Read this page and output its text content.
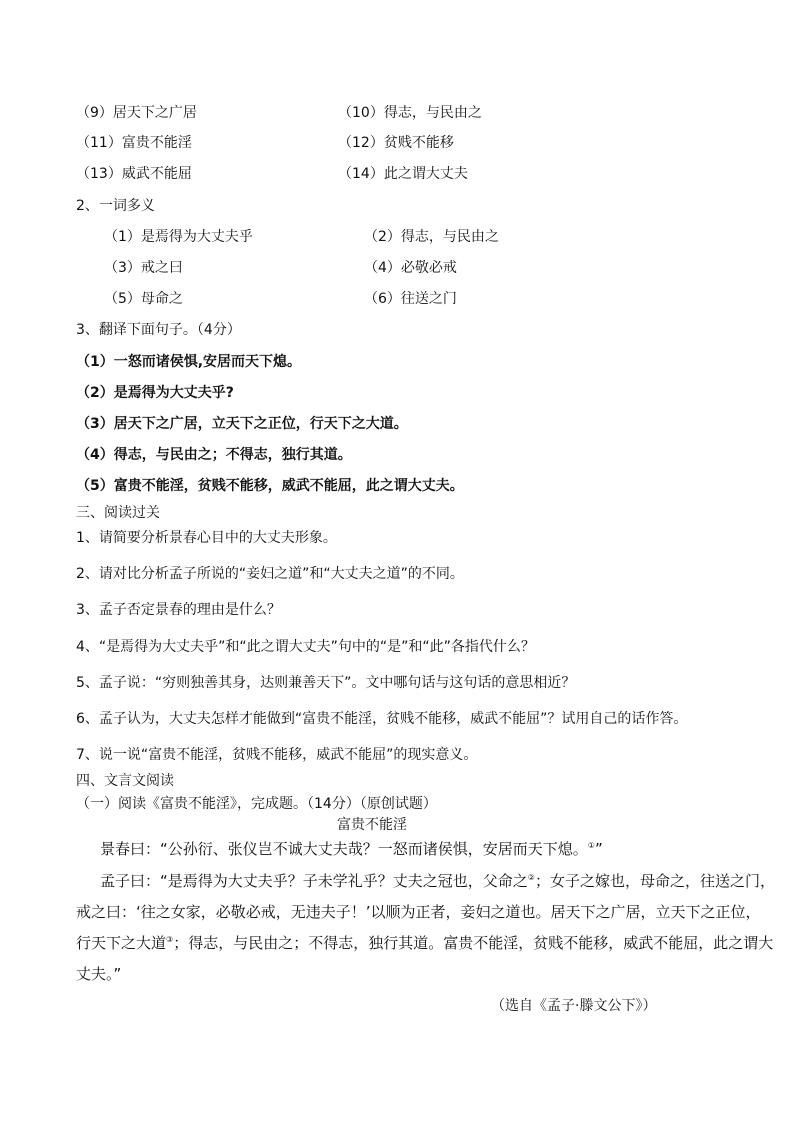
（9）居天下之广居	（10）得志，与民由之
（11）富贵不能淫	（12）贫贱不能移
（13）威武不能屈	（14）此之谓大丈夫
2、一词多义
（1）是焉得为大丈夫乎	（2）得志，与民由之
（3）戒之曰	（4）必敬必戒
（5）母命之	（6）往送之门
3、翻译下面句子。（4分）
（1）一怒而诸侯惧,安居而天下熄。
（2）是焉得为大丈夫乎?
（3）居天下之广居，立天下之正位，行天下之大道。
（4）得志，与民由之；不得志，独行其道。
（5）富贵不能淫，贫贱不能移，威武不能屈，此之谓大丈夫。
三、阅读过关
1、请简要分析景春心目中的大丈夫形象。
2、请对比分析孟子所说的“妾妇之道”和“大丈夫之道”的不同。
3、孟子否定景春的理由是什么？
4、“是焉得为大丈夫乎”和“此之谓大丈夫”句中的“是”和“此”各指代什么？
5、孟子说：“穷则独善其身，达则兼善天下”。文中哪句话与这句话的意思相近？
6、孟子认为，大丈夫怎样才能做到“富贵不能淫，贫贱不能移，威武不能屈”？试用自己的话作答。
7、说一说“富贵不能淫，贫贱不能移，威武不能屈”的现实意义。
四、文言文阅读
（一）阅读《富贵不能淫》，完成题。（14分）（原创试题）
富贵不能淫
景春曰：“公孙衍、张仪岂不诚大丈夫哉？一怒而诸侯惧，安居而天下熄。①”
孟子曰：“是焉得为大丈夫乎？子未学礼乎？丈夫之冠也，父命之②；女子之嫁也，母命之，往送之门，
戒之曰：‘往之女家，必敬必戒，无违夫子！’以顺为正者，妾妇之道也。居天下之广居，立天下之正位，
行天下之大道③；得志，与民由之；不得志，独行其道。富贵不能淫，贫贱不能移，威武不能屈，此之谓大
丈夫。”
（选自《孟子·滕文公下》）
